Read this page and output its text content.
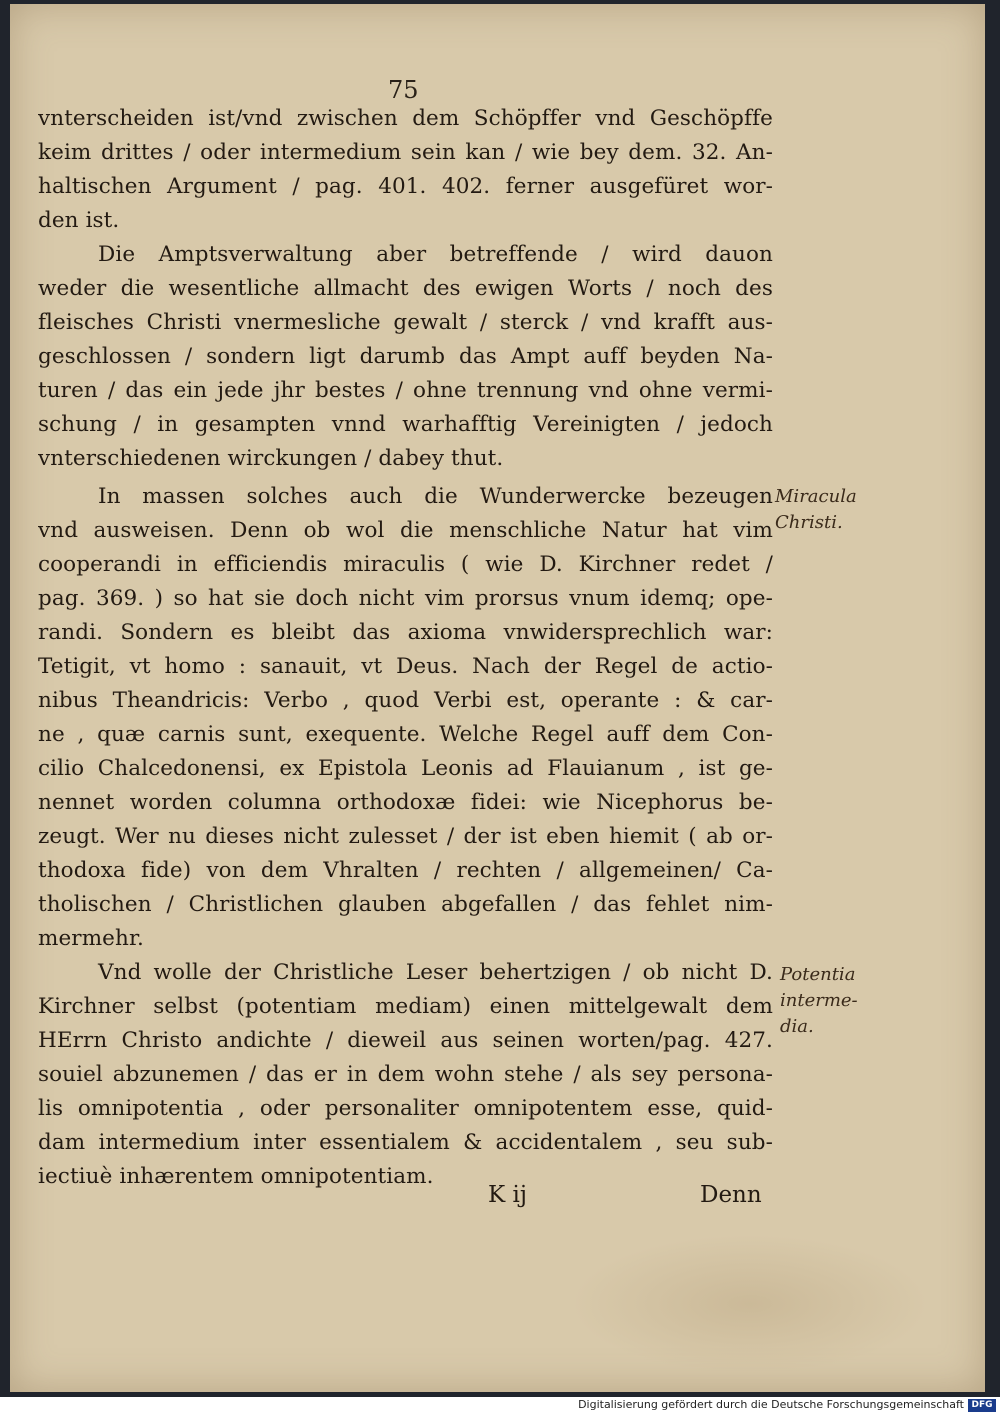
75
vnterscheiden ist/vnd zwischen dem Schöpffer vnd Geschöpffe
keim drittes / oder intermedium sein kan / wie bey dem. 32. An-
haltischen Argument / pag. 401. 402. ferner ausgefüret wor-
den ist.
Die Amptsverwaltung aber betreffende / wird dauon
weder die wesentliche allmacht des ewigen Worts / noch des
fleisches Christi vnermesliche gewalt / sterck / vnd krafft aus-
geschlossen / sondern ligt darumb das Ampt auff beyden Na-
turen / das ein jede jhr bestes / ohne trennung vnd ohne vermi-
schung / in gesampten vnnd warhafftig Vereinigten / jedoch
vnterschiedenen wirckungen / dabey thut.
In massen solches auch die Wunderwercke bezeugen
vnd ausweisen. Denn ob wol die menschliche Natur hat vim
cooperandi in efficiendis miraculis ( wie D. Kirchner redet /
pag. 369. ) so hat sie doch nicht vim prorsus vnum idemq; ope-
randi. Sondern es bleibt das axioma vnwidersprechlich war:
Tetigit, vt homo : sanauit, vt Deus. Nach der Regel de actio-
nibus Theandricis: Verbo , quod Verbi est, operante : & car-
ne , quæ carnis sunt, exequente. Welche Regel auff dem Con-
cilio Chalcedonensi, ex Epistola Leonis ad Flauianum , ist ge-
nennet worden columna orthodoxæ fidei: wie Nicephorus be-
zeugt. Wer nu dieses nicht zulesset / der ist eben hiemit ( ab or-
thodoxa fide) von dem Vhralten / rechten / allgemeinen/ Ca-
tholischen / Christlichen glauben abgefallen / das fehlet nim-
mermehr.
Vnd wolle der Christliche Leser behertzigen / ob nicht D.
Kirchner selbst (potentiam mediam) einen mittelgewalt dem
HErrn Christo andichte / dieweil aus seinen worten/pag. 427.
souiel abzunemen / das er in dem wohn stehe / als sey persona-
lis omnipotentia , oder personaliter omnipotentem esse, quid-
dam intermedium inter essentialem & accidentalem , seu sub-
iectiuè inhærentem omnipotentiam.
Miracula
Christi.
Potentia
interme-
dia.
K ij	Denn
Digitalisierung gefördert durch die Deutsche Forschungsgemeinschaft DFG
